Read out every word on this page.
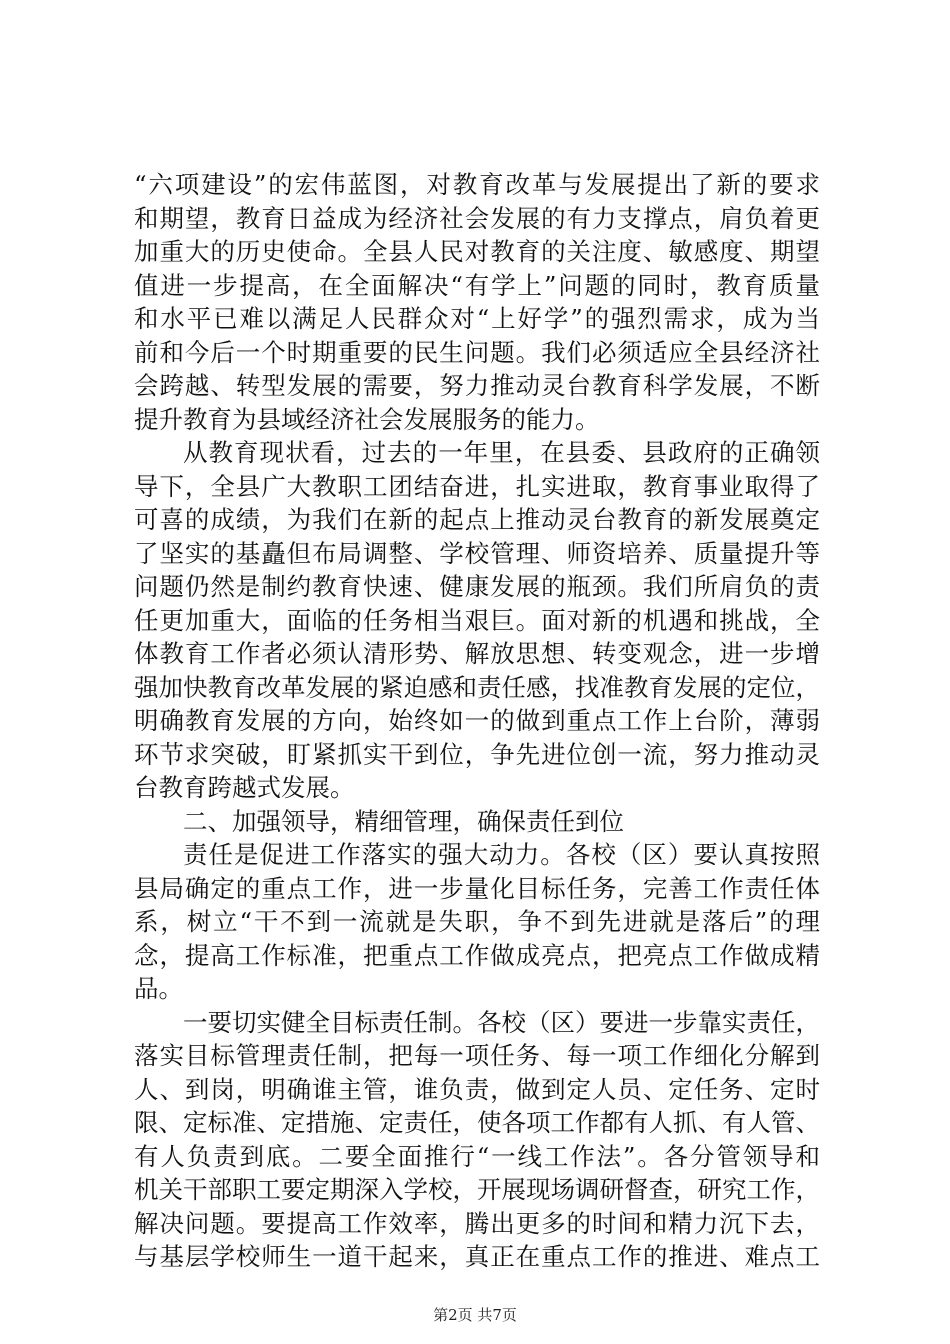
“六项建设”的宏伟蓝图，对教育改革与发展提出了新的要求
和期望，教育日益成为经济社会发展的有力支撑点，肩负着更
加重大的历史使命。全县人民对教育的关注度、敏感度、期望
值进一步提高，在全面解决“有学上”问题的同时，教育质量
和水平已难以满足人民群众对“上好学”的强烈需求，成为当
前和今后一个时期重要的民生问题。我们必须适应全县经济社
会跨越、转型发展的需要，努力推动灵台教育科学发展，不断
提升教育为县域经济社会发展服务的能力。
从教育现状看，过去的一年里，在县委、县政府的正确领
导下，全县广大教职工团结奋进，扎实进取，教育事业取得了
可喜的成绩，为我们在新的起点上推动灵台教育的新发展奠定
了坚实的基矗但布局调整、学校管理、师资培养、质量提升等
问题仍然是制约教育快速、健康发展的瓶颈。我们所肩负的责
任更加重大，面临的任务相当艰巨。面对新的机遇和挑战，全
体教育工作者必须认清形势、解放思想、转变观念，进一步增
强加快教育改革发展的紧迫感和责任感，找准教育发展的定位，
明确教育发展的方向，始终如一的做到重点工作上台阶，薄弱
环节求突破，盯紧抓实干到位，争先进位创一流，努力推动灵
台教育跨越式发展。
二、加强领导，精细管理，确保责任到位
责任是促进工作落实的强大动力。各校（区）要认真按照
县局确定的重点工作，进一步量化目标任务，完善工作责任体
系，树立“干不到一流就是失职，争不到先进就是落后”的理
念，提高工作标准，把重点工作做成亮点，把亮点工作做成精
品。
一要切实健全目标责任制。各校（区）要进一步靠实责任，
落实目标管理责任制，把每一项任务、每一项工作细化分解到
人、到岗，明确谁主管，谁负责，做到定人员、定任务、定时
限、定标准、定措施、定责任，使各项工作都有人抓、有人管、
有人负责到底。二要全面推行“一线工作法”。各分管领导和
机关干部职工要定期深入学校，开展现场调研督查，研究工作，
解决问题。要提高工作效率，腾出更多的时间和精力沉下去，
与基层学校师生一道干起来，真正在重点工作的推进、难点工
第2页 共7页
